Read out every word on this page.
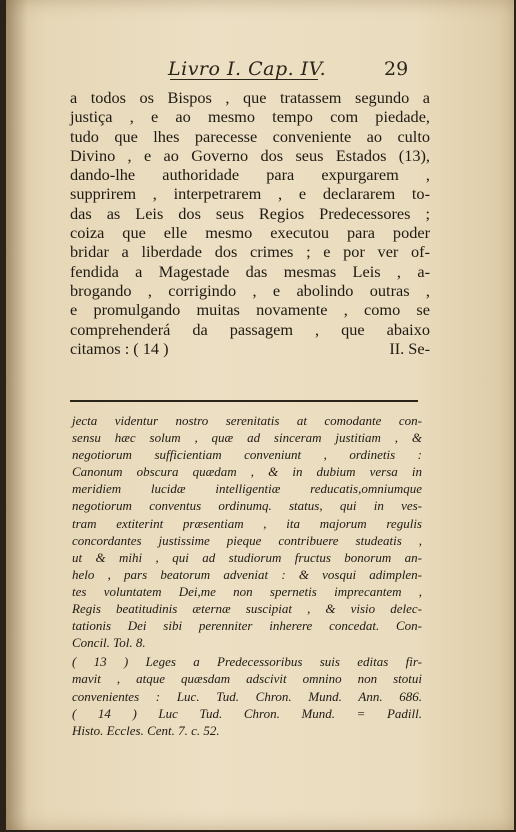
Livro I. Cap. IV.	29
a todos os Bispos , que tratassem segundo a
justiça , e ao mesmo tempo com piedade,
tudo que lhes parecesse conveniente ao culto
Divino , e ao Governo dos seus Estados (13),
dando-lhe authoridade para expurgarem ,
supprirem , interpetrarem , e declararem to-
das as Leis dos seus Regios Predecessores ;
coiza que elle mesmo executou para poder
bridar a liberdade dos crimes ; e por ver of-
fendida a Magestade das mesmas Leis , a-
brogando , corrigindo , e abolindo outras ,
e promulgando muitas novamente , como se
comprehenderá da passagem , que abaixo
citamos : ( 14 )	II. Se-
jecta videntur nostro serenitatis at comodante con-
sensu hæc solum , quæ ad sinceram justitiam , &
negotiorum sufficientiam conveniunt , ordinetis :
Canonum obscura quædam , & in dubium versa in
meridiem lucidæ intelligentiæ reducatis,omniumque
negotiorum conventus ordinumq. status, qui in ves-
tram extiterint præsentiam , ita majorum regulis
concordantes justissime pieque contribuere studeatis ,
ut & mihi , qui ad studiorum fructus bonorum an-
helo , pars beatorum adveniat : & vosqui adimplen-
tes voluntatem Dei,me non spernetis imprecantem ,
Regis beatitudinis æternæ suscipiat , & visio delec-
tationis Dei sibi perenniter inherere concedat. Con-
Concil. Tol. 8.
( 13 ) Leges a Predecessoribus suis editas fir-
mavit , atque quæsdam adscivit omnino non stotui
convenientes : Luc. Tud. Chron. Mund. Ann. 686.
( 14 ) Luc Tud. Chron. Mund. = Padill.
Histo. Eccles. Cent. 7. c. 52.
